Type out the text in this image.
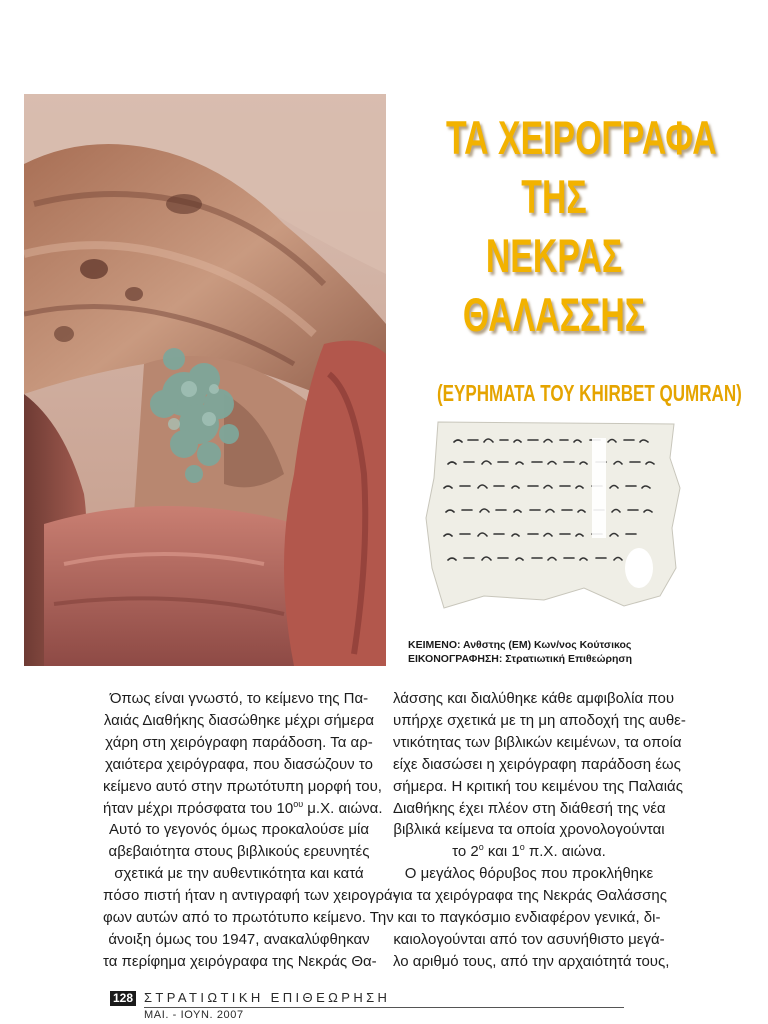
ΤΑ ΧΕΙΡΟΓΡΑΦΑ
ΤΗΣ
ΝΕΚΡΑΣ
ΘΑΛΑΣΣΗΣ
(ΕΥΡΗΜΑΤΑ ΤΟΥ KHIRBET QUMRAN)
ΚΕΙΜΕΝΟ: Ανθστης (ΕΜ) Κων/νος Κούτσικος
ΕΙΚΟΝΟΓΡΑΦΗΣΗ: Στρατιωτική Επιθεώρηση
Όπως είναι γνωστό, το κείμενο της Πα-
λαιάς Διαθήκης διασώθηκε μέχρι σήμερα
χάρη στη χειρόγραφη παράδοση. Τα αρ-
χαιότερα χειρόγραφα, που διασώζουν το
κείμενο αυτό στην πρωτότυπη μορφή του,
ήταν μέχρι πρόσφατα του $10^{o\upsilon}$ μ.Χ. αιώνα.
Αυτό το γεγονός όμως προκαλούσε μία
αβεβαιότητα στους βιβλικούς ερευνητές
σχετικά με την αυθεντικότητα και κατά
πόσο πιστή ήταν η αντιγραφή των χειρογρά-
φων αυτών από το πρωτότυπο κείμενο. Την
άνοιξη όμως του 1947, ανακαλύφθηκαν
τα περίφημα χειρόγραφα της Νεκράς Θα-
λάσσης και διαλύθηκε κάθε αμφιβολία που
υπήρχε σχετικά με τη μη αποδοχή της αυθε-
ντικότητας των βιβλικών κειμένων, τα οποία
είχε διασώσει η χειρόγραφη παράδοση έως
σήμερα. Η κριτική του κειμένου της Παλαιάς
Διαθήκης έχει πλέον στη διάθεσή της νέα
βιβλικά κείμενα τα οποία χρονολογούνται
το $2^o$ και $1^o$ π.Χ. αιώνα.
Ο μεγάλος θόρυβος που προκλήθηκε
για τα χειρόγραφα της Νεκράς Θαλάσσης
και το παγκόσμιο ενδιαφέρον γενικά, δι-
καιολογούνται από τον ασυνήθιστο μεγά-
λο αριθμό τους, από την αρχαιότητά τους,
128 ΣΤΡΑΤΙΩΤΙΚΗ ΕΠΙΘΕΩΡΗΣΗ
ΜΑΙ. - ΙΟΥΝ. 2007
